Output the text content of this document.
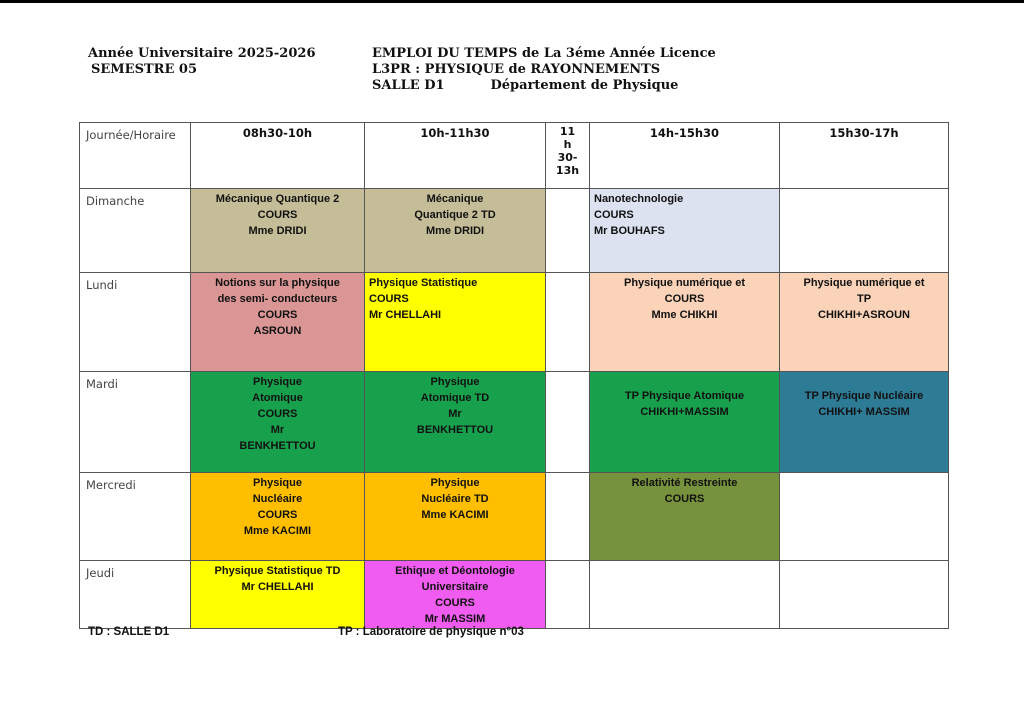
Année Universitaire 2025-2026
SEMESTRE 05
EMPLOI DU TEMPS de La 3éme Année Licence
L3PR : PHYSIQUE de RAYONNEMENTS
SALLE D1	Département de Physique
Journée/Horaire	08h30-10h	10h-11h30	11
h
30-
13h	14h-15h30	15h30-17h
Dimanche	Mécanique Quantique 2
COURS
Mme DRIDI	Mécanique
Quantique 2 TD
Mme DRIDI		Nanotechnologie
COURS
Mr BOUHAFS	

Lundi	Notions sur la physique
des semi- conducteurs
COURS
ASROUN	Physique Statistique
COURS
Mr CHELLAHI		Physique numérique et
COURS
Mme CHIKHI	Physique numérique et
TP
CHIKHI+ASROUN

Mardi	Physique
Atomique
COURS
Mr
BENKHETTOU	Physique
Atomique TD
Mr
BENKHETTOU		TP Physique Atomique
CHIKHI+MASSIM	TP Physique Nucléaire
CHIKHI+ MASSIM

Mercredi	Physique
Nucléaire
COURS
Mme KACIMI	Physique
Nucléaire TD
Mme KACIMI		Relativité Restreinte
COURS	

Jeudi	Physique Statistique TD
Mr CHELLAHI	Ethique et Déontologie
Universitaire
COURS
Mr MASSIM			

TD : SALLE D1	TP : Laboratoire de physique n°03
